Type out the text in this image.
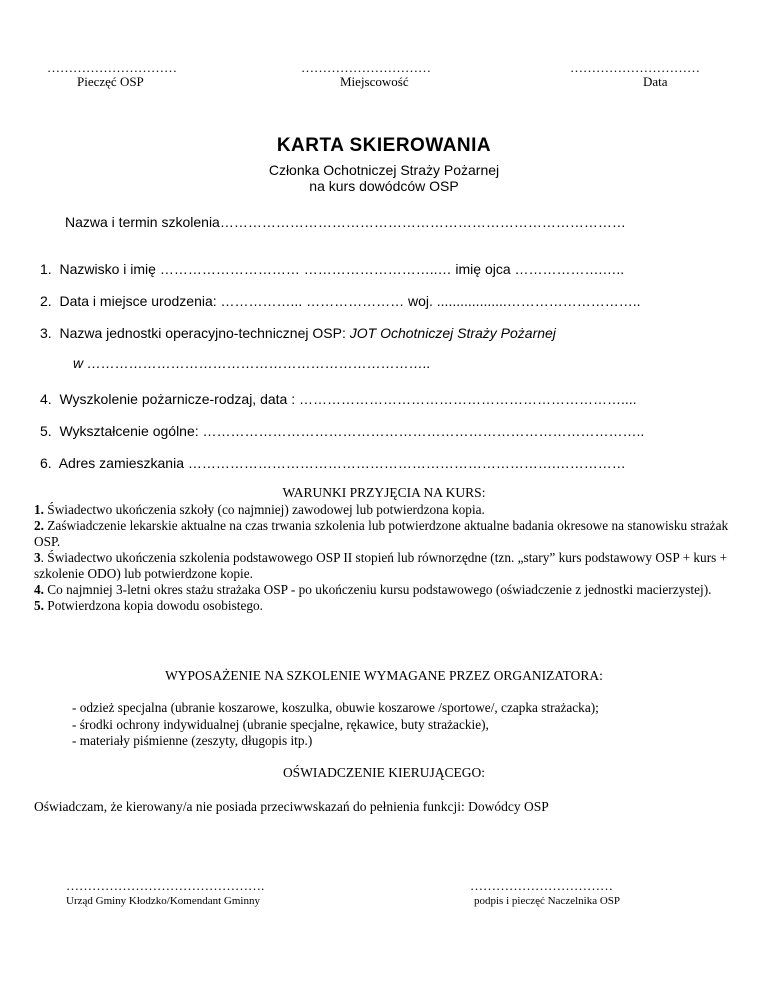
…………………………
Pieczęć OSP
…………………………
Miejscowość
…………………………
Data
KARTA SKIEROWANIA
Członka Ochotniczej Straży Pożarnej
na kurs dowódców OSP
Nazwa i termin szkolenia……………………………………………………………………………
1. Nazwisko i imię ………………………… ………………………..… imię ojca ……………….…..
2. Data i miejsce urodzenia: ……………... ………………… woj. ..................………………………..
3. Nazwa jednostki operacyjno-technicznej OSP: JOT Ochotniczej Straży Pożarnej
w ………………………………………………………………..
4. Wyszkolenie pożarnicze-rodzaj, data : ……………………………………………………………....
5. Wykształcenie ogólne: …………………………………………………………………………………..
6. Adres zamieszkania …………………………………………………………………….……………
WARUNKI PRZYJĘCIA NA KURS:

1. Świadectwo ukończenia szkoły (co najmniej) zawodowej lub potwierdzona kopia.

2. Zaświadczenie lekarskie aktualne na czas trwania szkolenia lub potwierdzone aktualne badania okresowe na stanowisku strażak OSP.

3. Świadectwo ukończenia szkolenia podstawowego OSP II stopień lub równorzędne (tzn. „stary” kurs podstawowy OSP + kurs + szkolenie ODO) lub potwierdzone kopie.

4. Co najmniej 3-letni okres stażu strażaka OSP - po ukończeniu kursu podstawowego (oświadczenie z jednostki macierzystej).

5. Potwierdzona kopia dowodu osobistego.

WYPOSAŻENIE NA SZKOLENIE WYMAGANE PRZEZ ORGANIZATORA:
- odzież specjalna (ubranie koszarowe, koszulka, obuwie koszarowe /sportowe/, czapka strażacka);
- środki ochrony indywidualnej (ubranie specjalne, rękawice, buty strażackie),
- materiały piśmienne (zeszyty, długopis itp.)
OŚWIADCZENIE KIERUJĄCEGO:
Oświadczam, że kierowany/a nie posiada przeciwwskazań do pełnienia funkcji: Dowódcy OSP
……………………………………….
Urząd Gminy Kłodzko/Komendant Gminny
……………………………
podpis i pieczęć Naczelnika OSP
